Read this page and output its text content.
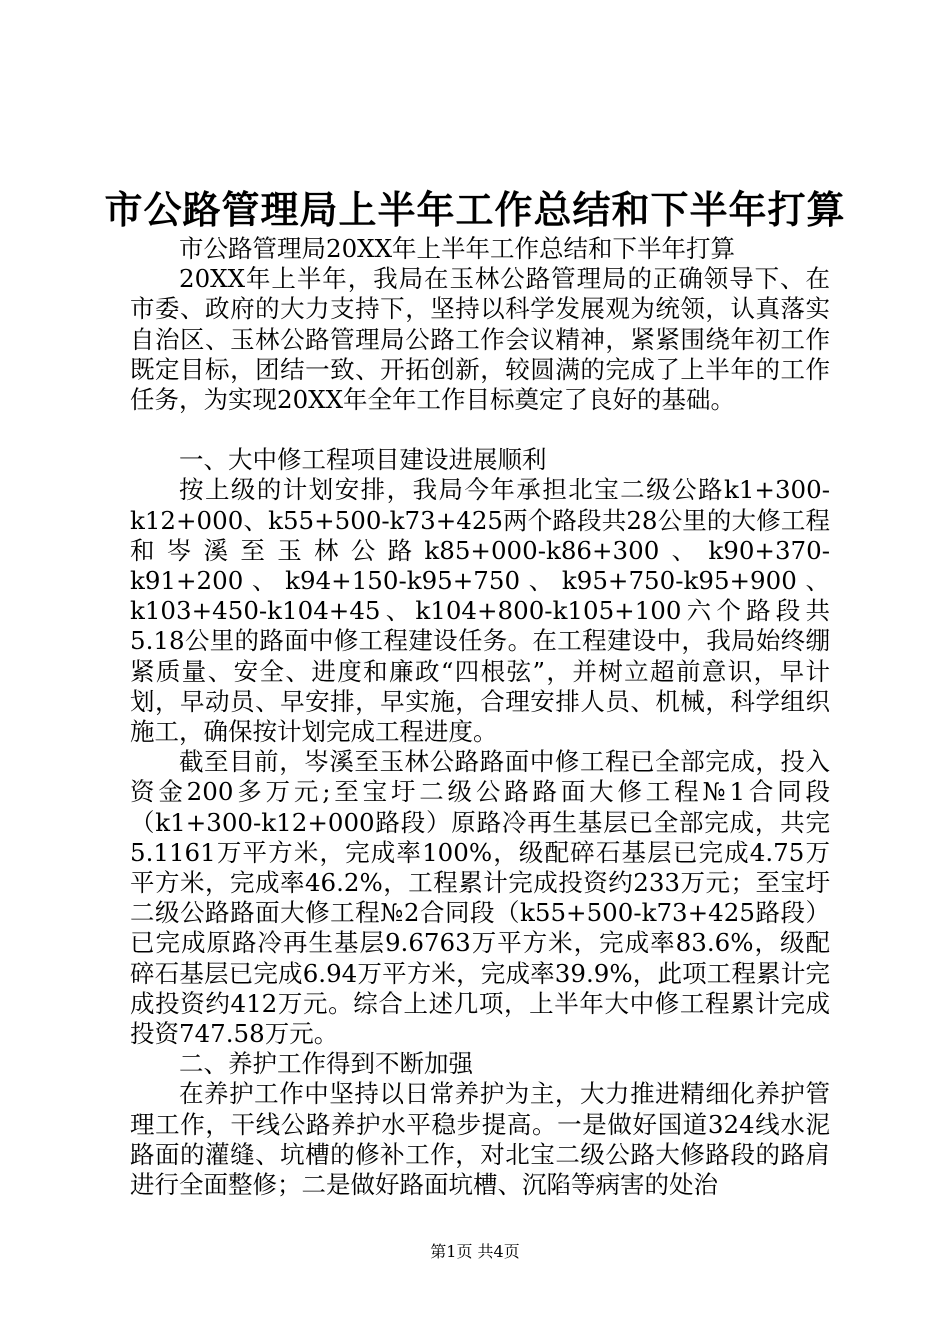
市公路管理局上半年工作总结和下半年打算

市公路管理局20XX年上半年工作总结和下半年打算

20XX年上半年，我局在玉林公路管理局的正确领导下、在市委、政府的大力支持下，坚持以科学发展观为统领，认真落实自治区、玉林公路管理局公路工作会议精神，紧紧围绕年初工作既定目标，团结一致、开拓创新，较圆满的完成了上半年的工作任务，为实现20XX年全年工作目标奠定了良好的基础。

一、大中修工程项目建设进展顺利

按上级的计划安排，我局今年承担北宝二级公路k1+300-k12+000、k55+500-k73+425两个路段共28公里的大修工程和岑溪至玉林公路k85+000-k86+300、k90+370-k91+200、k94+150-k95+750、k95+750-k95+900、k103+450-k104+45、k104+800-k105+100六个路段共5.18公里的路面中修工程建设任务。在工程建设中，我局始终绷紧质量、安全、进度和廉政“四根弦”，并树立超前意识，早计划，早动员、早安排，早实施，合理安排人员、机械，科学组织施工，确保按计划完成工程进度。

截至目前，岑溪至玉林公路路面中修工程已全部完成，投入资金200多万元;至宝圩二级公路路面大修工程№1合同段（k1+300-k12+000路段）原路冷再生基层已全部完成，共完5.1161万平方米，完成率100%，级配碎石基层已完成4.75万平方米，完成率46.2%，工程累计完成投资约233万元；至宝圩二级公路路面大修工程№2合同段（k55+500-k73+425路段）已完成原路冷再生基层9.6763万平方米，完成率83.6%，级配碎石基层已完成6.94万平方米，完成率39.9%，此项工程累计完成投资约412万元。综合上述几项，上半年大中修工程累计完成投资747.58万元。

二、养护工作得到不断加强

在养护工作中坚持以日常养护为主，大力推进精细化养护管理工作，干线公路养护水平稳步提高。一是做好国道324线水泥路面的灌缝、坑槽的修补工作，对北宝二级公路大修路段的路肩进行全面整修；二是做好路面坑槽、沉陷等病害的处治

第1页 共4页
